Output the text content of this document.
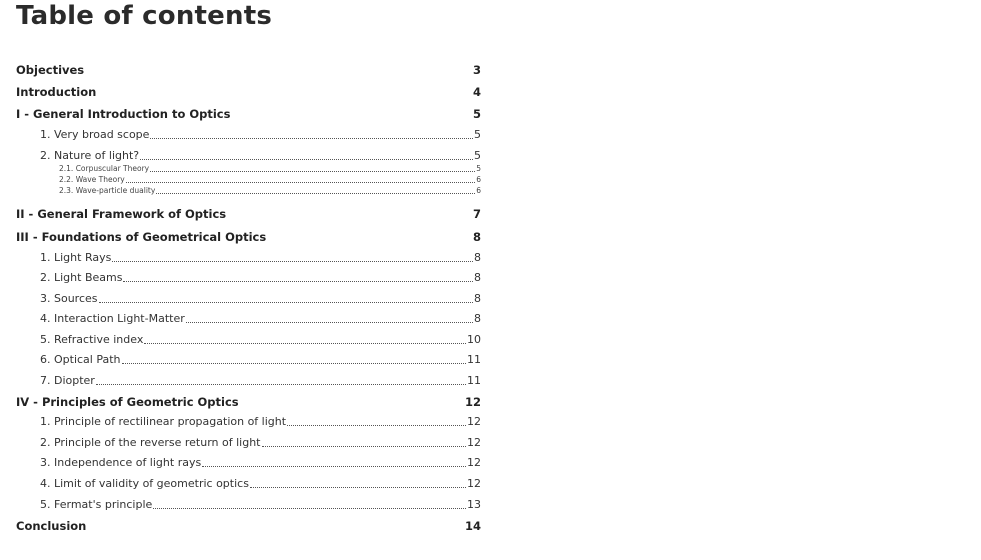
Table of contents
Objectives	3
Introduction	4
I - General Introduction to Optics	5
1. Very broad scope	5
2. Nature of light?	5
2.1. Corpuscular Theory	5
2.2. Wave Theory	6
2.3. Wave-particle duality	6
II - General Framework of Optics	7
III - Foundations of Geometrical Optics	8
1. Light Rays	8
2. Light Beams	8
3. Sources	8
4. Interaction Light-Matter	8
5. Refractive index	10
6. Optical Path	11
7. Diopter	11
IV - Principles of Geometric Optics	12
1. Principle of rectilinear propagation of light	12
2. Principle of the reverse return of light	12
3. Independence of light rays	12
4. Limit of validity of geometric optics	12
5. Fermat's principle	13
Conclusion	14
